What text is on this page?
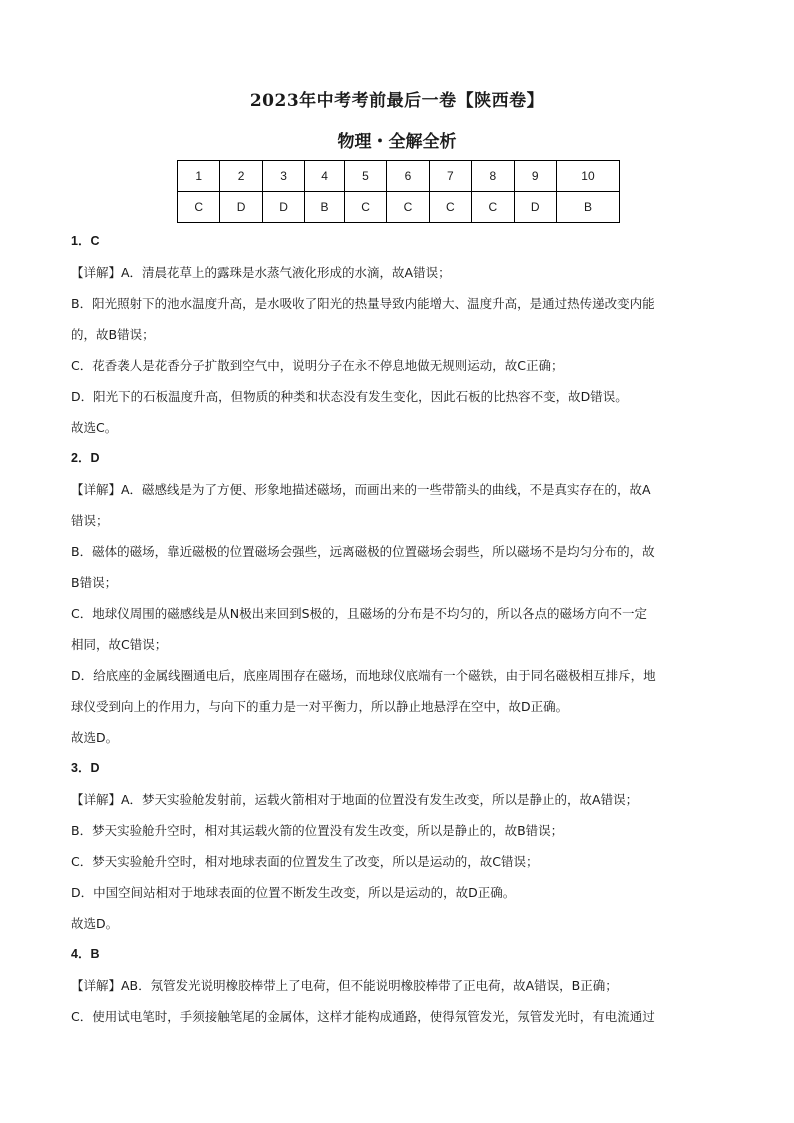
2023年中考考前最后一卷【陕西卷】
物理・全解全析
1	2	3	4	5	6	7	8	9	10
C	D	D	B	C	C	C	C	D	B
1．C
【详解】A．清晨花草上的露珠是水蒸气液化形成的水滴，故A错误；
B．阳光照射下的池水温度升高，是水吸收了阳光的热量导致内能增大、温度升高，是通过热传递改变内能
的，故B错误；
C．花香袭人是花香分子扩散到空气中，说明分子在永不停息地做无规则运动，故C正确；
D．阳光下的石板温度升高，但物质的种类和状态没有发生变化，因此石板的比热容不变，故D错误。
故选C。
2．D
【详解】A．磁感线是为了方便、形象地描述磁场，而画出来的一些带箭头的曲线，不是真实存在的，故A
错误；
B．磁体的磁场，靠近磁极的位置磁场会强些，远离磁极的位置磁场会弱些，所以磁场不是均匀分布的，故
B错误；
C．地球仪周围的磁感线是从N极出来回到S极的，且磁场的分布是不均匀的，所以各点的磁场方向不一定
相同，故C错误；
D．给底座的金属线圈通电后，底座周围存在磁场，而地球仪底端有一个磁铁，由于同名磁极相互排斥，地
球仪受到向上的作用力，与向下的重力是一对平衡力，所以静止地悬浮在空中，故D正确。
故选D。
3．D
【详解】A．梦天实验舱发射前，运载火箭相对于地面的位置没有发生改变，所以是静止的，故A错误；
B．梦天实验舱升空时，相对其运载火箭的位置没有发生改变，所以是静止的，故B错误；
C．梦天实验舱升空时，相对地球表面的位置发生了改变，所以是运动的，故C错误；
D．中国空间站相对于地球表面的位置不断发生改变，所以是运动的，故D正确。
故选D。
4．B
【详解】AB．氖管发光说明橡胶棒带上了电荷，但不能说明橡胶棒带了正电荷，故A错误，B正确；
C．使用试电笔时，手须接触笔尾的金属体，这样才能构成通路，使得氖管发光，氖管发光时，有电流通过
